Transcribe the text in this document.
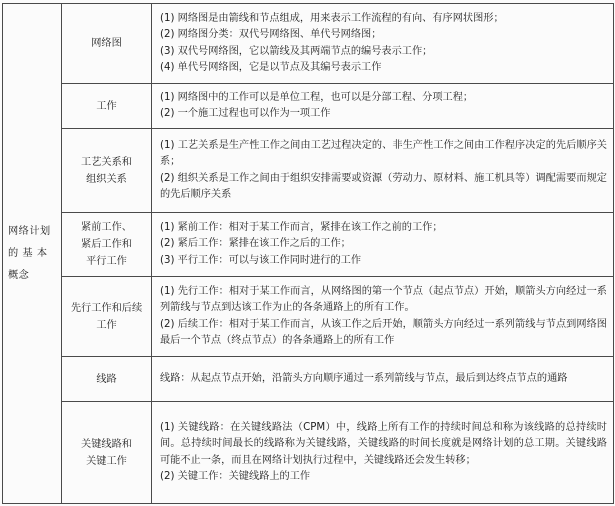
网络计划
的 基 本
概念	网络图	(1) 网络图是由箭线和节点组成，用来表示工作流程的有向、有序网状图形；
(2) 网络图分类：双代号网络图、单代号网络图；
(3) 双代号网络图，它以箭线及其两端节点的编号表示工作；
(4) 单代号网络图，它是以节点及其编号表示工作

	工作	(1) 网络图中的工作可以是单位工程，也可以是分部工程、分项工程；
(2) 一个施工过程也可以作为一项工作

	工艺关系和
组织关系	(1) 工艺关系是生产性工作之间由工艺过程决定的、非生产性工作之间由工作程序决定的先后顺序关系；
(2) 组织关系是工作之间由于组织安排需要或资源（劳动力、原材料、施工机具等）调配需要而规定的先后顺序关系

	紧前工作、
紧后工作和
平行工作	(1) 紧前工作：相对于某工作而言，紧排在该工作之前的工作；
(2) 紧后工作：紧排在该工作之后的工作；
(3) 平行工作：可以与该工作同时进行的工作

	先行工作和后续
工作	(1) 先行工作：相对于某工作而言，从网络图的第一个节点（起点节点）开始，顺箭头方向经过一系列箭线与节点到达该工作为止的各条通路上的所有工作。
(2) 后续工作：相对于某工作而言，从该工作之后开始，顺箭头方向经过一系列箭线与节点到网络图最后一个节点（终点节点）的各条通路上的所有工作

	线路	线路：从起点节点开始，沿箭头方向顺序通过一系列箭线与节点，最后到达终点节点的通路

	关键线路和
关键工作	(1) 关键线路：在关键线路法（CPM）中，线路上所有工作的持续时间总和称为该线路的总持续时间。总持续时间最长的线路称为关键线路，关键线路的时间长度就是网络计划的总工期。关键线路可能不止一条，而且在网络计划执行过程中，关键线路还会发生转移；
(2) 关键工作：关键线路上的工作
